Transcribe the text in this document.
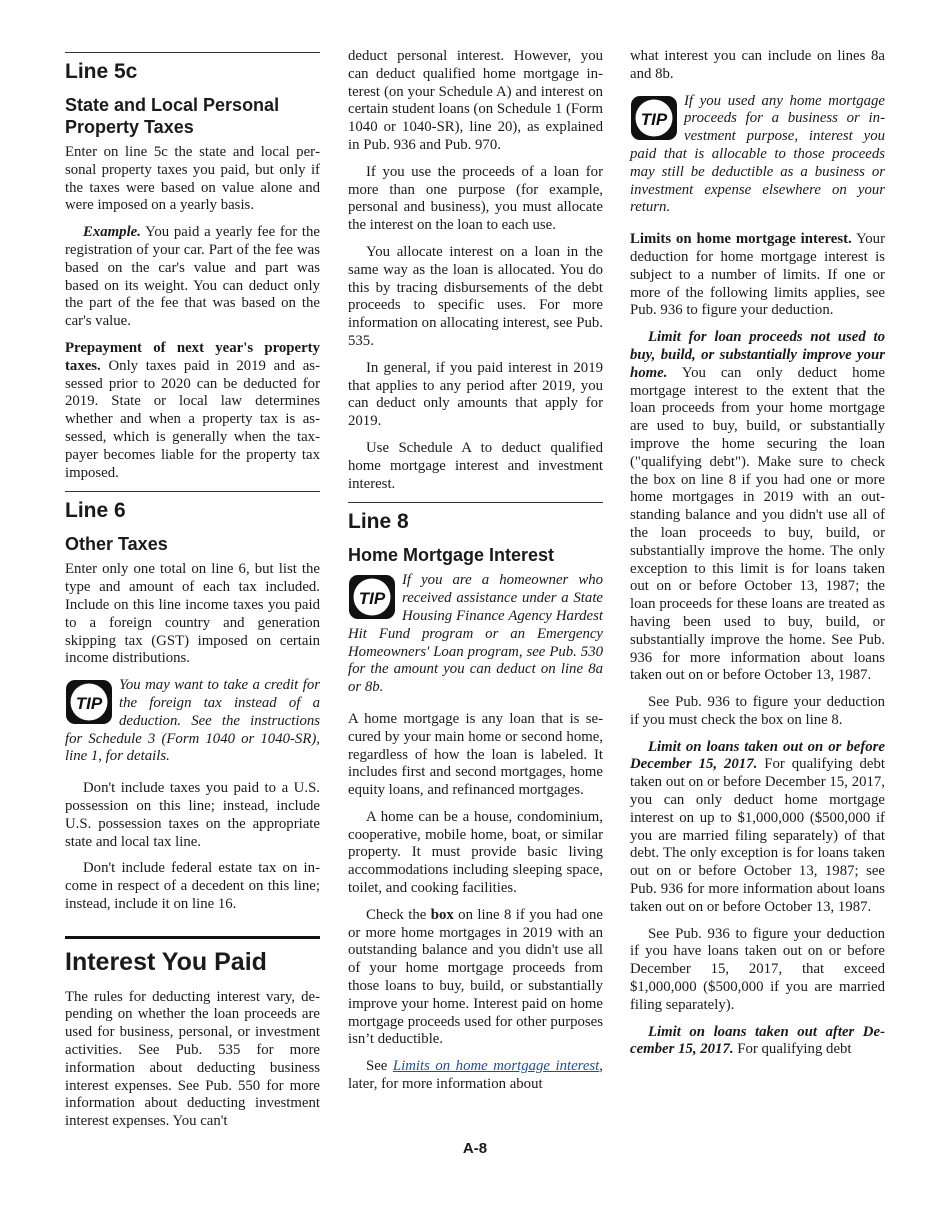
Line 5c
State and Local Personal Property Taxes

Enter on line 5c the state and local personal property taxes you paid, but only if the taxes were based on value alone and were imposed on a yearly basis.

Example. You paid a yearly fee for the registration of your car. Part of the fee was based on the car's value and part was based on its weight. You can deduct only the part of the fee that was based on the car's value.

Prepayment of next year's property taxes. Only taxes paid in 2019 and assessed prior to 2020 can be deducted for 2019. State or local law determines whether and when a property tax is assessed, which is generally when the taxpayer becomes liable for the property tax imposed.

Line 6
Other Taxes

Enter only one total on line 6, but list the type and amount of each tax included. Include on this line income taxes you paid to a foreign country and generation skipping tax (GST) imposed on certain income distributions.

TIP
You may want to take a credit for the foreign tax instead of a deduction. See the instructions for Schedule 3 (Form 1040 or 1040-SR), line 1, for details.

Don't include taxes you paid to a U.S. possession on this line; instead, include U.S. possession taxes on the appropriate state and local tax line.

Don't include federal estate tax on income in respect of a decedent on this line; instead, include it on line 16.

Interest You Paid

The rules for deducting interest vary, depending on whether the loan proceeds are used for business, personal, or investment activities. See Pub. 535 for more information about deducting business interest expenses. See Pub. 550 for more information about deducting investment interest expenses. You can't

deduct personal interest. However, you can deduct qualified home mortgage interest (on your Schedule A) and interest on certain student loans (on Schedule 1 (Form 1040 or 1040-SR), line 20), as explained in Pub. 936 and Pub. 970.

If you use the proceeds of a loan for more than one purpose (for example, personal and business), you must allocate the interest on the loan to each use.

You allocate interest on a loan in the same way as the loan is allocated. You do this by tracing disbursements of the debt proceeds to specific uses. For more information on allocating interest, see Pub. 535.

In general, if you paid interest in 2019 that applies to any period after 2019, you can deduct only amounts that apply for 2019.

Use Schedule A to deduct qualified home mortgage interest and investment interest.

Line 8
Home Mortgage Interest
TIP
If you are a homeowner who received assistance under a State Housing Finance Agency Hardest Hit Fund program or an Emergency Homeowners' Loan program, see Pub. 530 for the amount you can deduct on line 8a or 8b.

A home mortgage is any loan that is secured by your main home or second home, regardless of how the loan is labeled. It includes first and second mortgages, home equity loans, and refinanced mortgages.

A home can be a house, condominium, cooperative, mobile home, boat, or similar property. It must provide basic living accommodations including sleeping space, toilet, and cooking facilities.

Check the box on line 8 if you had one or more home mortgages in 2019 with an outstanding balance and you didn't use all of your home mortgage proceeds from those loans to buy, build, or substantially improve your home. Interest paid on home mortgage proceeds used for other purposes isn’t deductible.

See Limits on home mortgage interest, later, for more information about

what interest you can include on lines 8a and 8b.

TIP
If you used any home mortgage proceeds for a business or investment purpose, interest you paid that is allocable to those proceeds may still be deductible as a business or investment expense elsewhere on your return.

Limits on home mortgage interest. Your deduction for home mortgage interest is subject to a number of limits. If one or more of the following limits applies, see Pub. 936 to figure your deduction.

Limit for loan proceeds not used to buy, build, or substantially improve your home. You can only deduct home mortgage interest to the extent that the loan proceeds from your home mortgage are used to buy, build, or substantially improve the home securing the loan ("qualifying debt"). Make sure to check the box on line 8 if you had one or more home mortgages in 2019 with an outstanding balance and you didn't use all of the loan proceeds to buy, build, or substantially improve the home. The only exception to this limit is for loans taken out on or before October 13, 1987; the loan proceeds for these loans are treated as having been used to buy, build, or substantially improve the home. See Pub. 936 for more information about loans taken out on or before October 13, 1987.

See Pub. 936 to figure your deduction if you must check the box on line 8.

Limit on loans taken out on or before December 15, 2017. For qualifying debt taken out on or before December 15, 2017, you can only deduct home mortgage interest on up to $1,000,000 ($500,000 if you are married filing separately) of that debt. The only exception is for loans taken out on or before October 13, 1987; see Pub. 936 for more information about loans taken out on or before October 13, 1987.

See Pub. 936 to figure your deduction if you have loans taken out on or before December 15, 2017, that exceed $1,000,000 ($500,000 if you are married filing separately).

Limit on loans taken out after December 15, 2017. For qualifying debt

A-8
